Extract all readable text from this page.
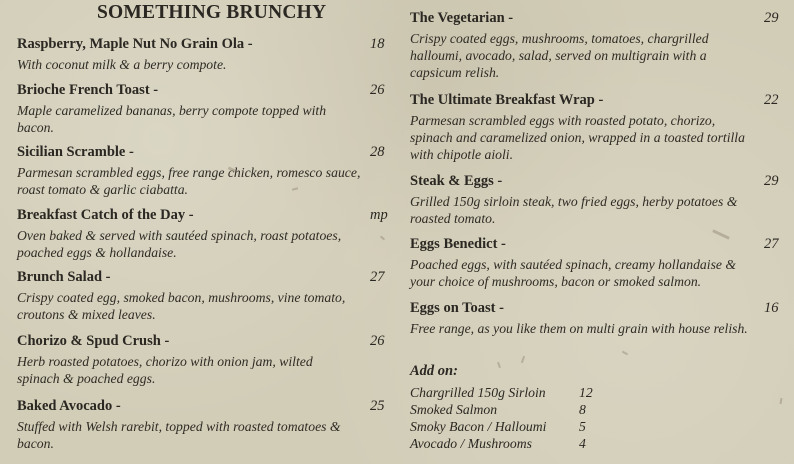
SOMETHING BRUNCHY
Raspberry, Maple Nut No Grain Ola -	18
With coconut milk & a berry compote.
Brioche French Toast -	26
Maple caramelized bananas, berry compote topped with
bacon.
Sicilian Scramble -	28
Parmesan scrambled eggs, free range chicken, romesco sauce,
roast tomato & garlic ciabatta.
Breakfast Catch of the Day -	mp
Oven baked & served with sautéed spinach, roast potatoes,
poached eggs & hollandaise.
Brunch Salad -	27
Crispy coated egg, smoked bacon, mushrooms, vine tomato,
croutons & mixed leaves.
Chorizo & Spud Crush -	26
Herb roasted potatoes, chorizo with onion jam, wilted
spinach & poached eggs.
Baked Avocado -	25
Stuffed with Welsh rarebit, topped with roasted tomatoes &
bacon.
The Vegetarian -	29
Crispy coated eggs, mushrooms, tomatoes, chargrilled
halloumi, avocado, salad, served on multigrain with a
capsicum relish.
The Ultimate Breakfast Wrap -	22
Parmesan scrambled eggs with roasted potato, chorizo,
spinach and caramelized onion, wrapped in a toasted tortilla
with chipotle aioli.
Steak & Eggs -	29
Grilled 150g sirloin steak, two fried eggs, herby potatoes &
roasted tomato.
Eggs Benedict -	27
Poached eggs, with sautéed spinach, creamy hollandaise &
your choice of mushrooms, bacon or smoked salmon.
Eggs on Toast -	16
Free range, as you like them on multi grain with house relish.
Add on:
Chargrilled 150g Sirloin 12
Smoked Salmon	8
Smoky Bacon / Halloumi 5
Avocado / Mushrooms	4
